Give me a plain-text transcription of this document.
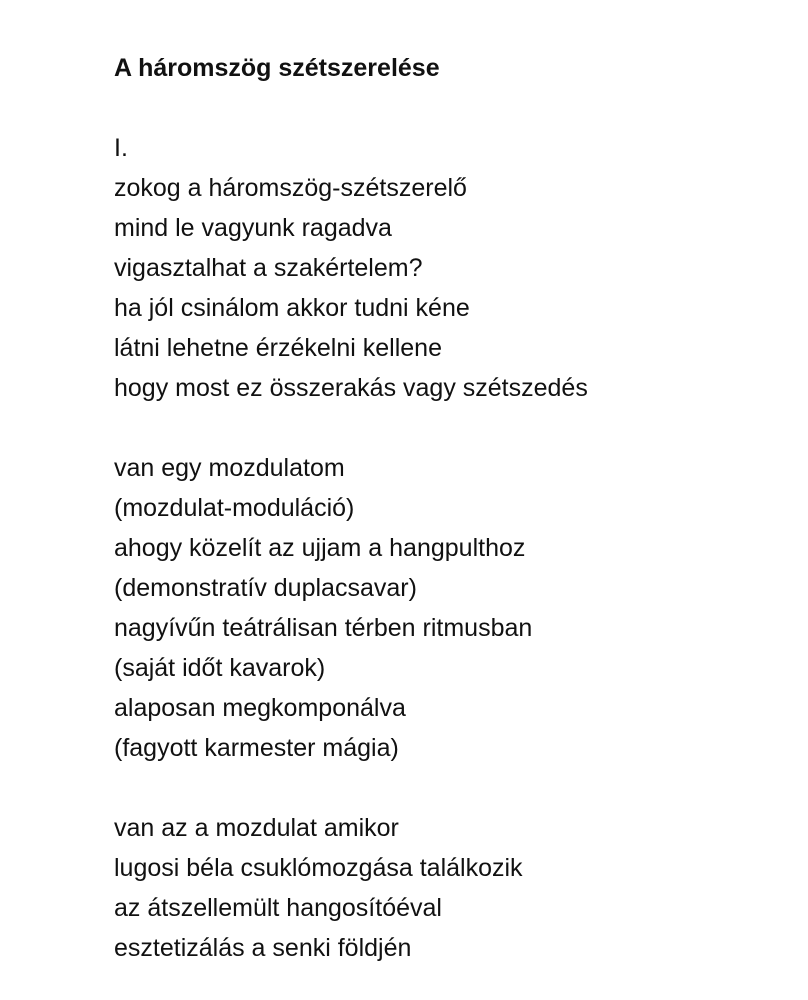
A háromszög szétszerelése
I.
zokog a háromszög-szétszerelő
mind le vagyunk ragadva
vigasztalhat a szakértelem?
ha jól csinálom akkor tudni kéne
látni lehetne érzékelni kellene
hogy most ez összerakás vagy szétszedés
van egy mozdulatom
(mozdulat-moduláció)
ahogy közelít az ujjam a hangpulthoz
(demonstratív duplacsavar)
nagyívűn teátrálisan térben ritmusban
(saját időt kavarok)
alaposan megkomponálva
(fagyott karmester mágia)
van az a mozdulat amikor
lugosi béla csuklómozgása találkozik
az átszellemült hangosítóéval
esztetizálás a senki földjén
